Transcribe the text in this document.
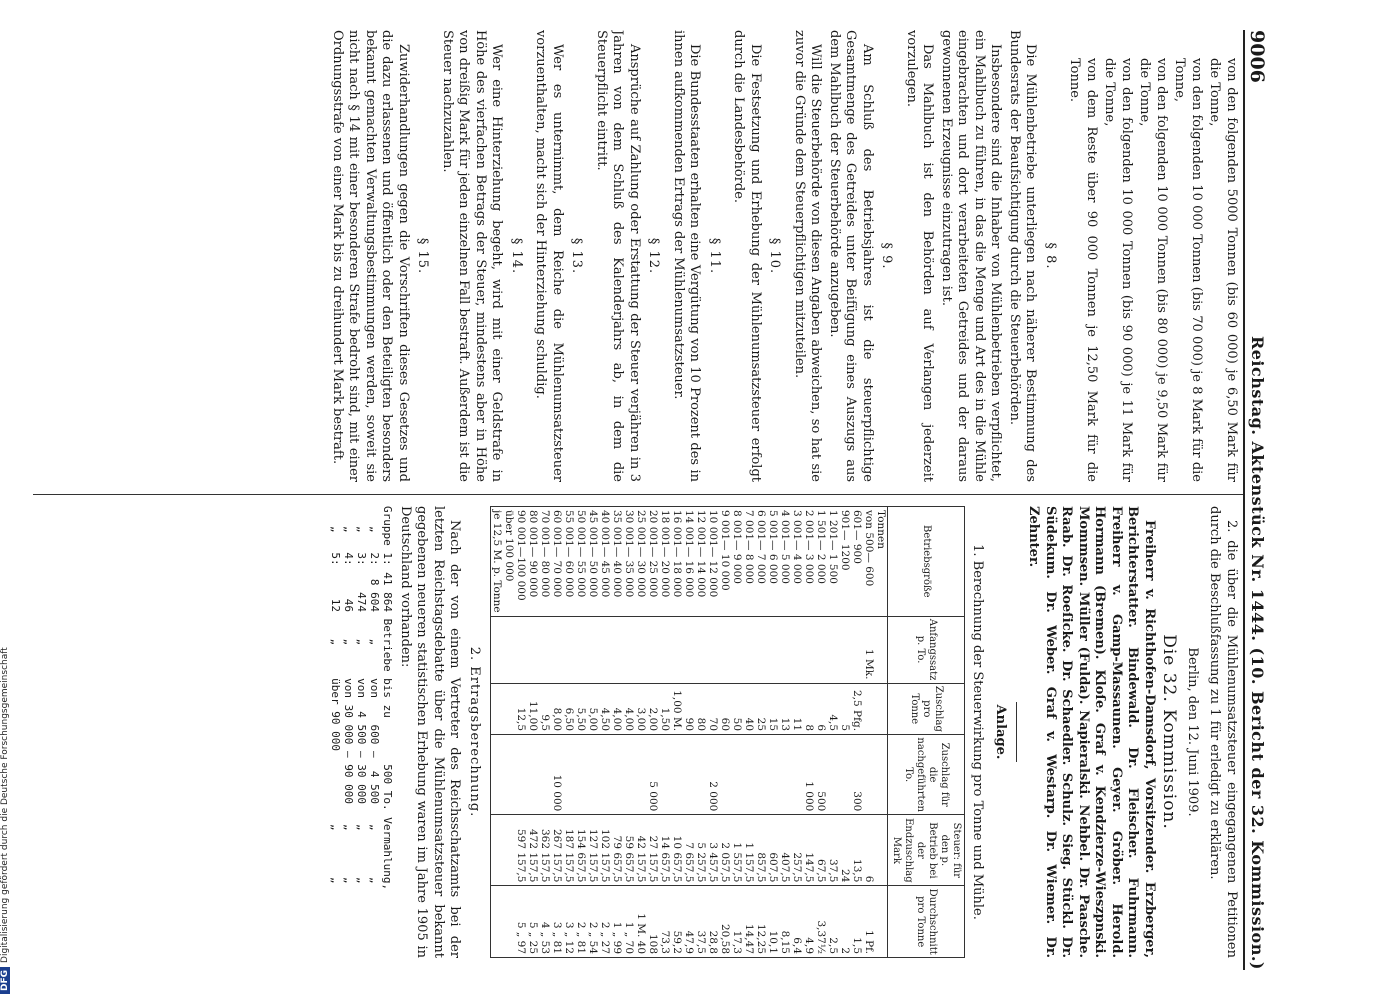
9006
Reichstag. Aktenstück Nr. 1444. (10. Bericht der 32. Kommission.)

von den folgenden 5000 Tonnen (bis 60 000) je 6,50 Mark für die Tonne,

von den folgenden 10 000 Tonnen (bis 70 000) je 8 Mark für die Tonne,

von den folgenden 10 000 Tonnen (bis 80 000) je 9,50 Mark für die Tonne,

von den folgenden 10 000 Tonnen (bis 90 000) je 11 Mark für die Tonne,

von dem Reste über 90 000 Tonnen je 12,50 Mark für die Tonne.

§ 8.

Die Mühlenbetriebe unterliegen nach näherer Bestimmung des Bundesrats der Beaufsichtigung durch die Steuerbehörden.

Insbesondere sind die Inhaber von Mühlenbetrieben verpflichtet, ein Mahlbuch zu führen, in das die Menge und Art des in die Mühle eingebrachten und dort verarbeiteten Getreides und der daraus gewonnenen Erzeugnisse einzutragen ist.

Das Mahlbuch ist den Behörden auf Verlangen jederzeit vorzulegen.

§ 9.

Am Schluß des Betriebsjahres ist die steuerpflichtige Gesamtmenge des Getreides unter Beifügung eines Auszugs aus dem Mahlbuch der Steuerbehörde anzugeben.

Will die Steuerbehörde von diesen Angaben abweichen, so hat sie zuvor die Gründe dem Steuerpflichtigen mitzuteilen.

§ 10.

Die Festsetzung und Erhebung der Mühlenumsatzsteuer erfolgt durch die Landesbehörde.

§ 11.

Die Bundesstaaten erhalten eine Vergütung von 10 Prozent des in ihnen aufkommenden Ertrags der Mühlenumsatzsteuer.

§ 12.

Ansprüche auf Zahlung oder Erstattung der Steuer verjähren in 3 Jahren von dem Schluß des Kalenderjahrs ab, in dem die Steuerpflicht eintritt.

§ 13.

Wer es unternimmt, dem Reiche die Mühlenumsatzsteuer vorzuenthalten, macht sich der Hinterziehung schuldig.

§ 14.

Wer eine Hinterziehung begeht, wird mit einer Geldstrafe in Höhe des vierfachen Betrags der Steuer, mindestens aber in Höhe von dreißig Mark für jeden einzelnen Fall bestraft. Außerdem ist die Steuer nachzuzahlen.

§ 15.

Zuwiderhandlungen gegen die Vorschriften dieses Gesetzes und die dazu erlassenen und öffentlich oder den Beteiligten besonders bekannt gemachten Verwaltungsbestimmungen werden, soweit sie nicht nach § 14 mit einer besonderen Strafe bedroht sind, mit einer Ordnungsstrafe von einer Mark bis zu dreihundert Mark bestraft.

2. die über die Mühlenumsatzsteuer eingegangenen Petitionen durch die Beschlußfassung zu 1 für erledigt zu erklären.

Berlin, den 12. Juni 1909.

Die 32. Kommission.

Freiherr v. Richthofen-Damsdorf, Vorsitzender. Erzberger, Berichterstatter. Bindewald. Dr. Fleischer. Fuhrmann. Freiherr v. Gamp-Massaunen. Geyer. Gröber. Herold. Hormann (Bremen). Kloſe. Graf v. Kendzierze-Wieszpnski. Mommsen. Müller (Fulda). Napieralski. Nehbel. Dr. Paasche. Raab. Dr. Roeſicke. Dr. Schaedler. Schulz. Sieg. Stückl. Dr. Südekum. Dr. Weber. Graf v. Westarp. Dr. Wiemer. Dr. Zehnter.

Anlage.

1. Berechnung der Steuerwirkung pro Tonne und Mühle.

Betriebsgröße	Anfangssatz p. To.	Zuschlag pro Tonne	Zuschlag für die nachgeführten To.	Steuer: für den p. Betrieb bei der Endzuschlag Mark	Durchschnitt pro Tonne
Tonnen					
von 500— 600	1 Mk.			6	1 Pf.
601— 900		2,5 Pfg.	300	13,5	1,5
901— 1200		5		24	2
1 201— 1 500		4,5		37,5	2,5
1 501— 2 000		6	500	67,5	3,37⅟₂
2 001— 3 000		8	1 000	147,5	4,9
3 001— 4 000		11		257,5	6,4
4 001— 5 000		13		407,5	8,15
5 001— 6 000		15		607,5	10,1
6 001— 7 000		25		857,5	12,25
7 001— 8 000		40		1 157,5	14,47
8 001— 9 000		50		1 557,5	17,3
9 001— 10 000		60		2 057,5	20,58
10 001— 12 000		70	2 000	3 457,5	28,8
12 001— 14 000		80		5 257,5	37,5
14 001— 16 000		90		7 657,5	47,9
16 001— 18 000		1,00 M.		10 657,5	59,2
18 001— 20 000		1,50		14 657,5	73,3
20 001— 25 000		2,00	5 000	27 157,5	108
25 001— 30 000		3,00		42 157,5	1 M. 40
30 001— 35 000		4,00		59 657,5	1 „ 70
35 001— 40 000		4,00		79 657,5	1 „ 99
40 001— 45 000		4,50		102 157,5	2 „ 27
45 001— 50 000		5,00		127 157,5	2 „ 54
50 001— 55 000		5,50		154 657,5	2 „ 81
55 001— 60 000		6,50		187 157,5	3 „ 12
60 001— 70 000		8,00	10 000	267 157,5	3 „ 81
70 001— 80 000		9,5		362 157,5	4 „ 53
80 001— 90 000		11,00		472 157,5	5 „ 25
90 001—100 000		12,5		597 157,5	5 „ 97
über 100 000					
je 12,5 M. p. Tonne					

2. Ertragsberechnung.

Nach der von einem Vertreter des Reichsschatzamts bei der letzten Reichstagsdebatte über die Mühlenumsatzsteuer bekannt gegebenen neueren statistischen Erhebung waren im Jahre 1905 in Deutschland vorhanden:

Gruppe 1: 41 864 Betriebe bis zu       500 To. Vermahlung,
„   2:  8 604    „     von    600 —  4 500   „       „
„   3:    474    „     von  4 500 — 30 000   „       „
„   4:     46    „     von 30 000 — 90 000   „       „
„   5:     12    „     über 90 000           „       „
DFGDigitalisierung gefördert durch die Deutsche Forschungsgemeinschaft
